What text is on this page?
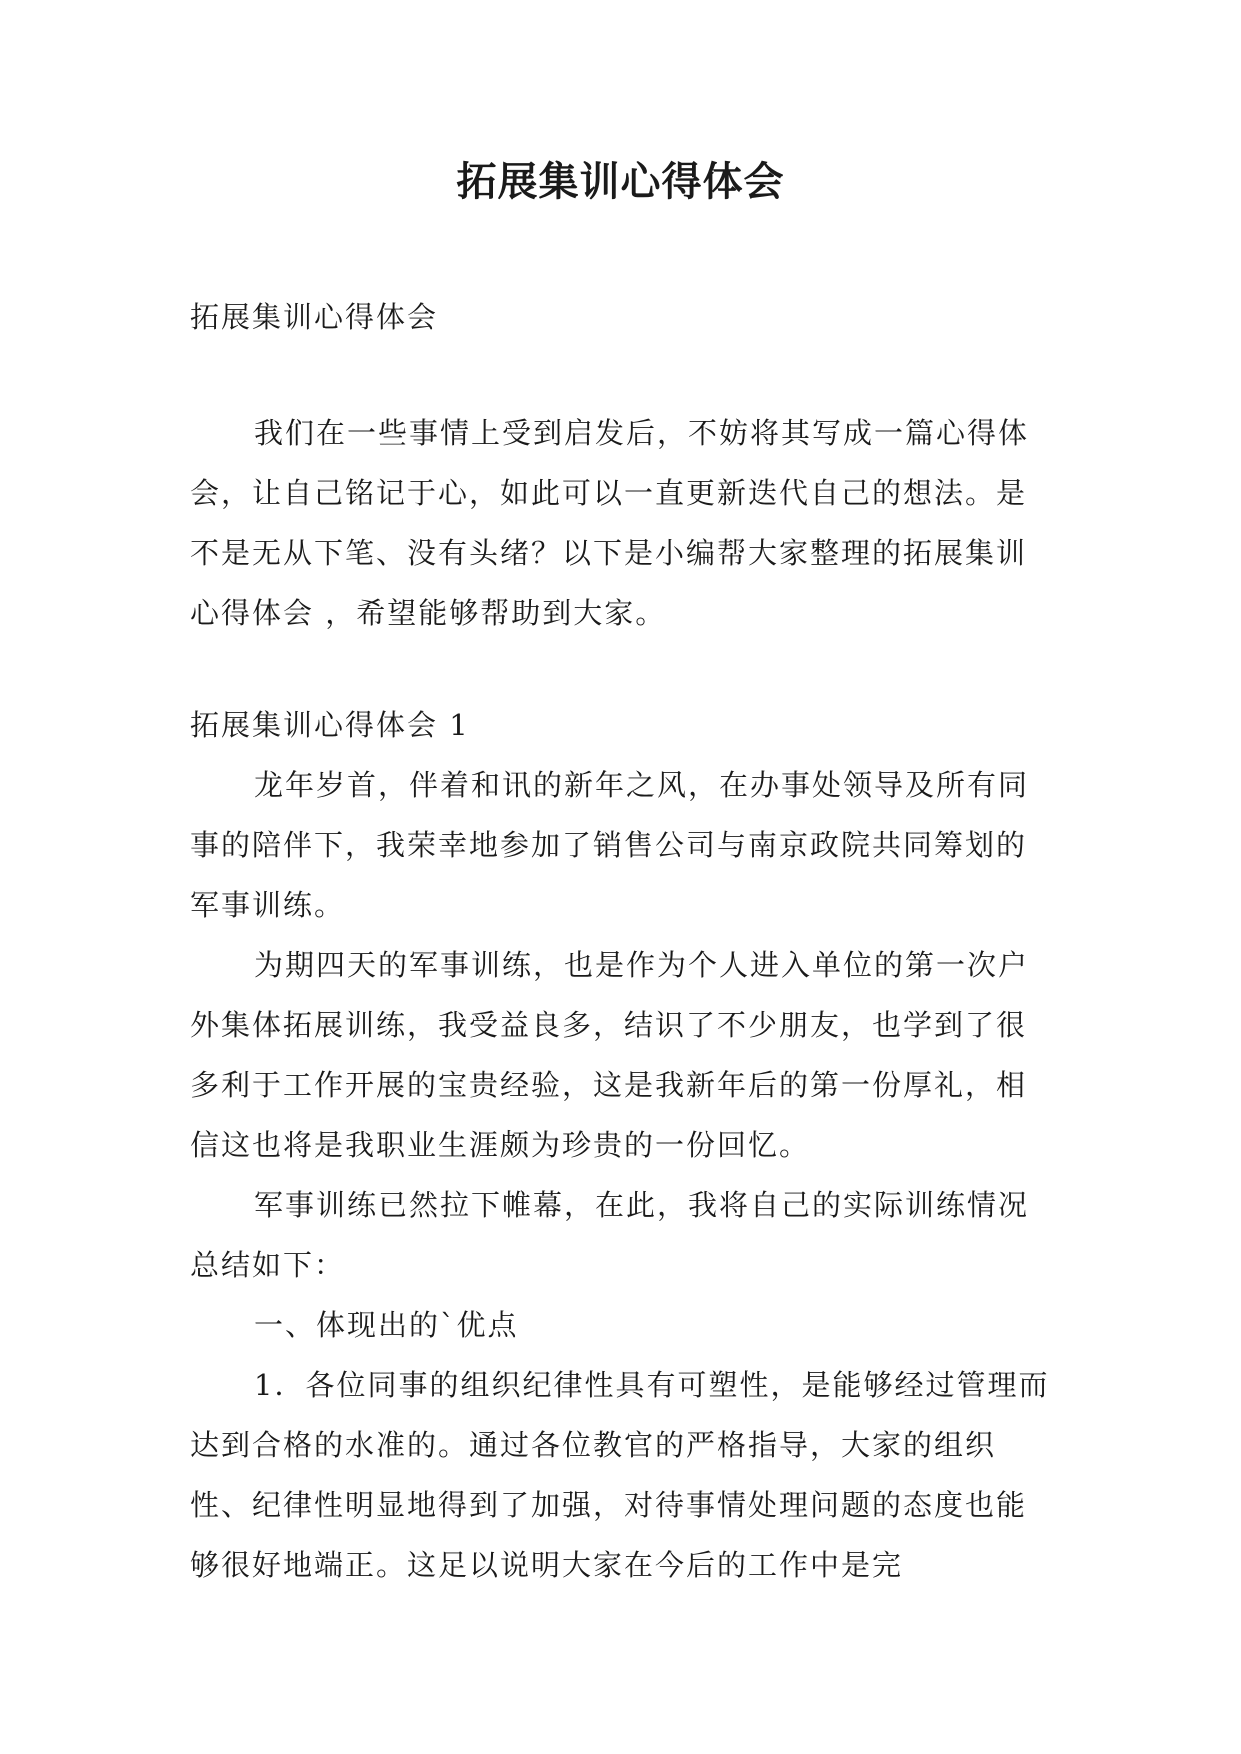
拓展集训心得体会
拓展集训心得体会

我们在一些事情上受到启发后，不妨将其写成一篇心得体会，让自己铭记于心，如此可以一直更新迭代自己的想法。是不是无从下笔、没有头绪？以下是小编帮大家整理的拓展集训心得体会 ，希望能够帮助到大家。

拓展集训心得体会 1

龙年岁首，伴着和讯的新年之风，在办事处领导及所有同事的陪伴下，我荣幸地参加了销售公司与南京政院共同筹划的军事训练。

为期四天的军事训练，也是作为个人进入单位的第一次户外集体拓展训练，我受益良多，结识了不少朋友，也学到了很多利于工作开展的宝贵经验，这是我新年后的第一份厚礼，相信这也将是我职业生涯颇为珍贵的一份回忆。

军事训练已然拉下帷幕，在此，我将自己的实际训练情况总结如下：

一、体现出的`优点

1．各位同事的组织纪律性具有可塑性，是能够经过管理而达到合格的水准的。通过各位教官的严格指导，大家的组织性、纪律性明显地得到了加强，对待事情处理问题的态度也能够很好地端正。这足以说明大家在今后的工作中是完
